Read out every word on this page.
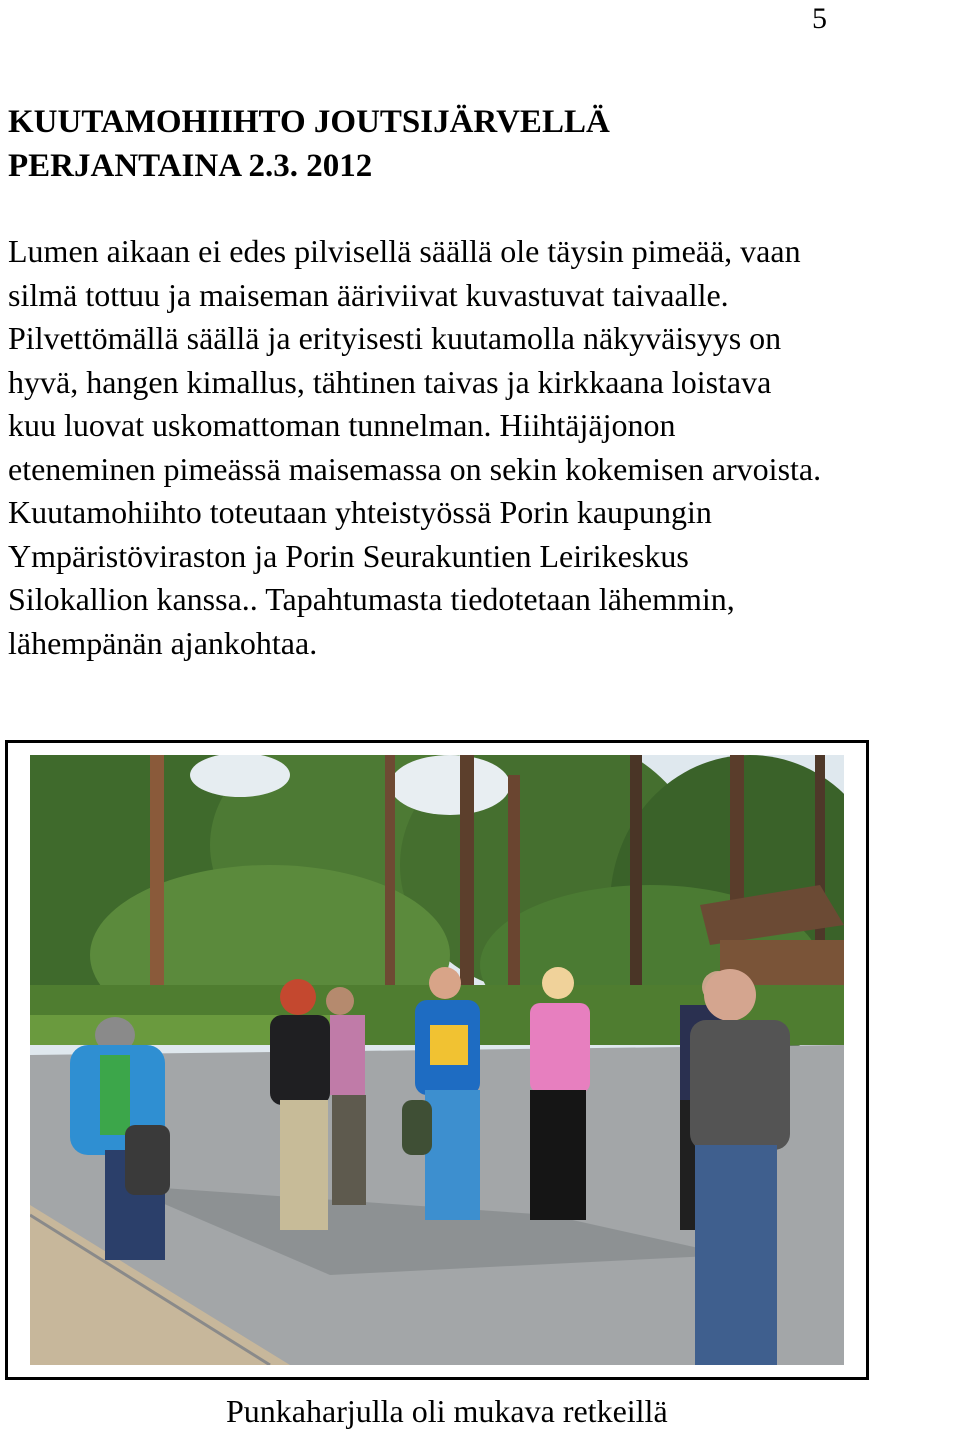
5
KUUTAMOHIIHTO JOUTSIJÄRVELLÄ
PERJANTAINA 2.3. 2012
Lumen aikaan ei edes pilvisellä säällä ole täysin pimeää, vaan
silmä tottuu ja maiseman ääriviivat kuvastuvat taivaalle.
Pilvettömällä säällä ja erityisesti kuutamolla näkyväisyys on
hyvä, hangen kimallus, tähtinen taivas ja kirkkaana loistava
kuu luovat uskomattoman tunnelman. Hiihtäjäjonon
eteneminen pimeässä maisemassa on sekin kokemisen arvoista.
Kuutamohiihto toteutaan yhteistyössä Porin kaupungin
Ympäristöviraston ja Porin Seurakuntien Leirikeskus
Silokallion kanssa.. Tapahtumasta tiedotetaan lähemmin,
lähempänän ajankohtaa.
Punkaharjulla oli mukava retkeillä
